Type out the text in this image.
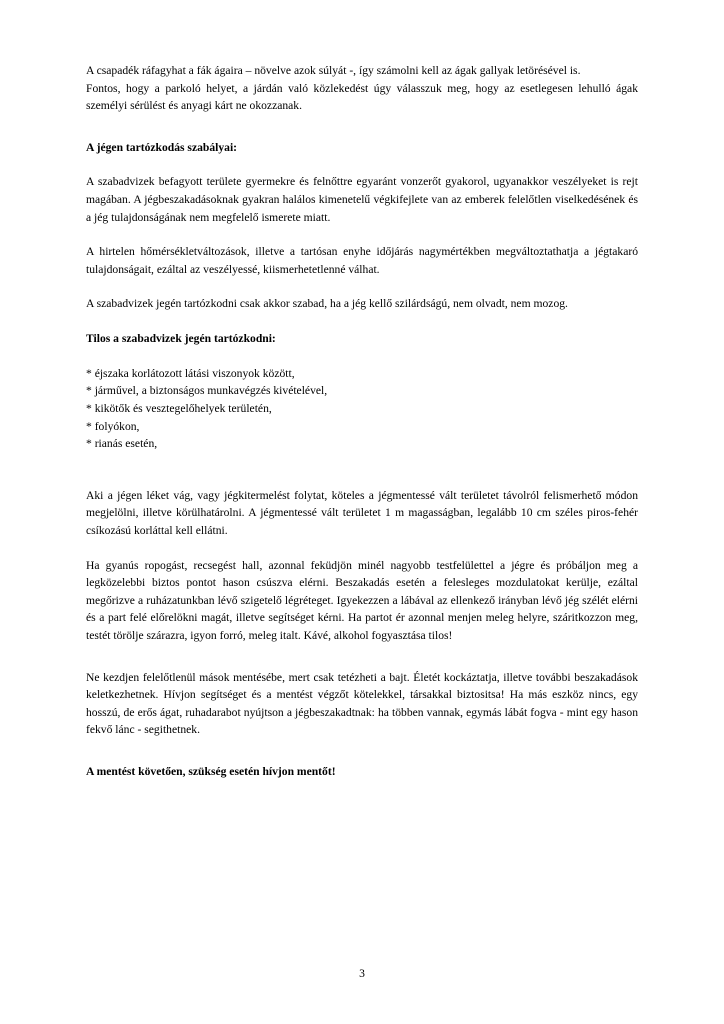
A csapadék ráfagyhat a fák ágaira – növelve azok súlyát -, így számolni kell az ágak gallyak letörésével is.

Fontos, hogy a parkoló helyet, a járdán való közlekedést úgy válasszuk meg, hogy az esetlegesen lehulló ágak személyi sérülést és anyagi kárt ne okozzanak.

A jégen tartózkodás szabályai:

A szabadvizek befagyott területe gyermekre és felnőttre egyaránt vonzerőt gyakorol, ugyanakkor veszélyeket is rejt magában. A jégbeszakadásoknak gyakran halálos kimenetelű végkifejlete van az emberek felelőtlen viselkedésének és a jég tulajdonságának nem megfelelő ismerete miatt.

A hirtelen hőmérsékletváltozások, illetve a tartósan enyhe időjárás nagymértékben megváltoztathatja a jégtakaró tulajdonságait, ezáltal az veszélyessé, kiismerhetetlenné válhat.

A szabadvizek jegén tartózkodni csak akkor szabad, ha a jég kellő szilárdságú, nem olvadt, nem mozog.

Tilos a szabadvizek jegén tartózkodni:

* éjszaka korlátozott látási viszonyok között,
* járművel, a biztonságos munkavégzés kivételével,
* kikötők és vesztegelőhelyek területén,
* folyókon,
* rianás esetén,

Aki a jégen léket vág, vagy jégkitermelést folytat, köteles a jégmentessé vált területet távolról felismerhető módon megjelölni, illetve körülhatárolni. A jégmentessé vált területet 1 m magasságban, legalább 10 cm széles piros-fehér csíkozású korláttal kell ellátni.

Ha gyanús ropogást, recsegést hall, azonnal feküdjön minél nagyobb testfelülettel a jégre és próbáljon meg a legközelebbi biztos pontot hason csúszva elérni. Beszakadás esetén a felesleges mozdulatokat kerülje, ezáltal megőrizve a ruházatunkban lévő szigetelő légréteget. Igyekezzen a lábával az ellenkező irányban lévő jég szélét elérni és a part felé előrelökni magát, illetve segítséget kérni. Ha partot ér azonnal menjen meleg helyre, száritkozzon meg, testét törölje szárazra, igyon forró, meleg italt. Kávé, alkohol fogyasztása tilos!

Ne kezdjen felelőtlenül mások mentésébe, mert csak tetézheti a bajt. Életét kockáztatja, illetve további beszakadások keletkezhetnek. Hívjon segítséget és a mentést végzőt kötelekkel, társakkal biztositsa! Ha más eszköz nincs, egy hosszú, de erős ágat, ruhadarabot nyújtson a jégbeszakadtnak: ha többen vannak, egymás lábát fogva - mint egy hason fekvő lánc - segithetnek.

A mentést követően, szükség esetén hívjon mentőt!

3
